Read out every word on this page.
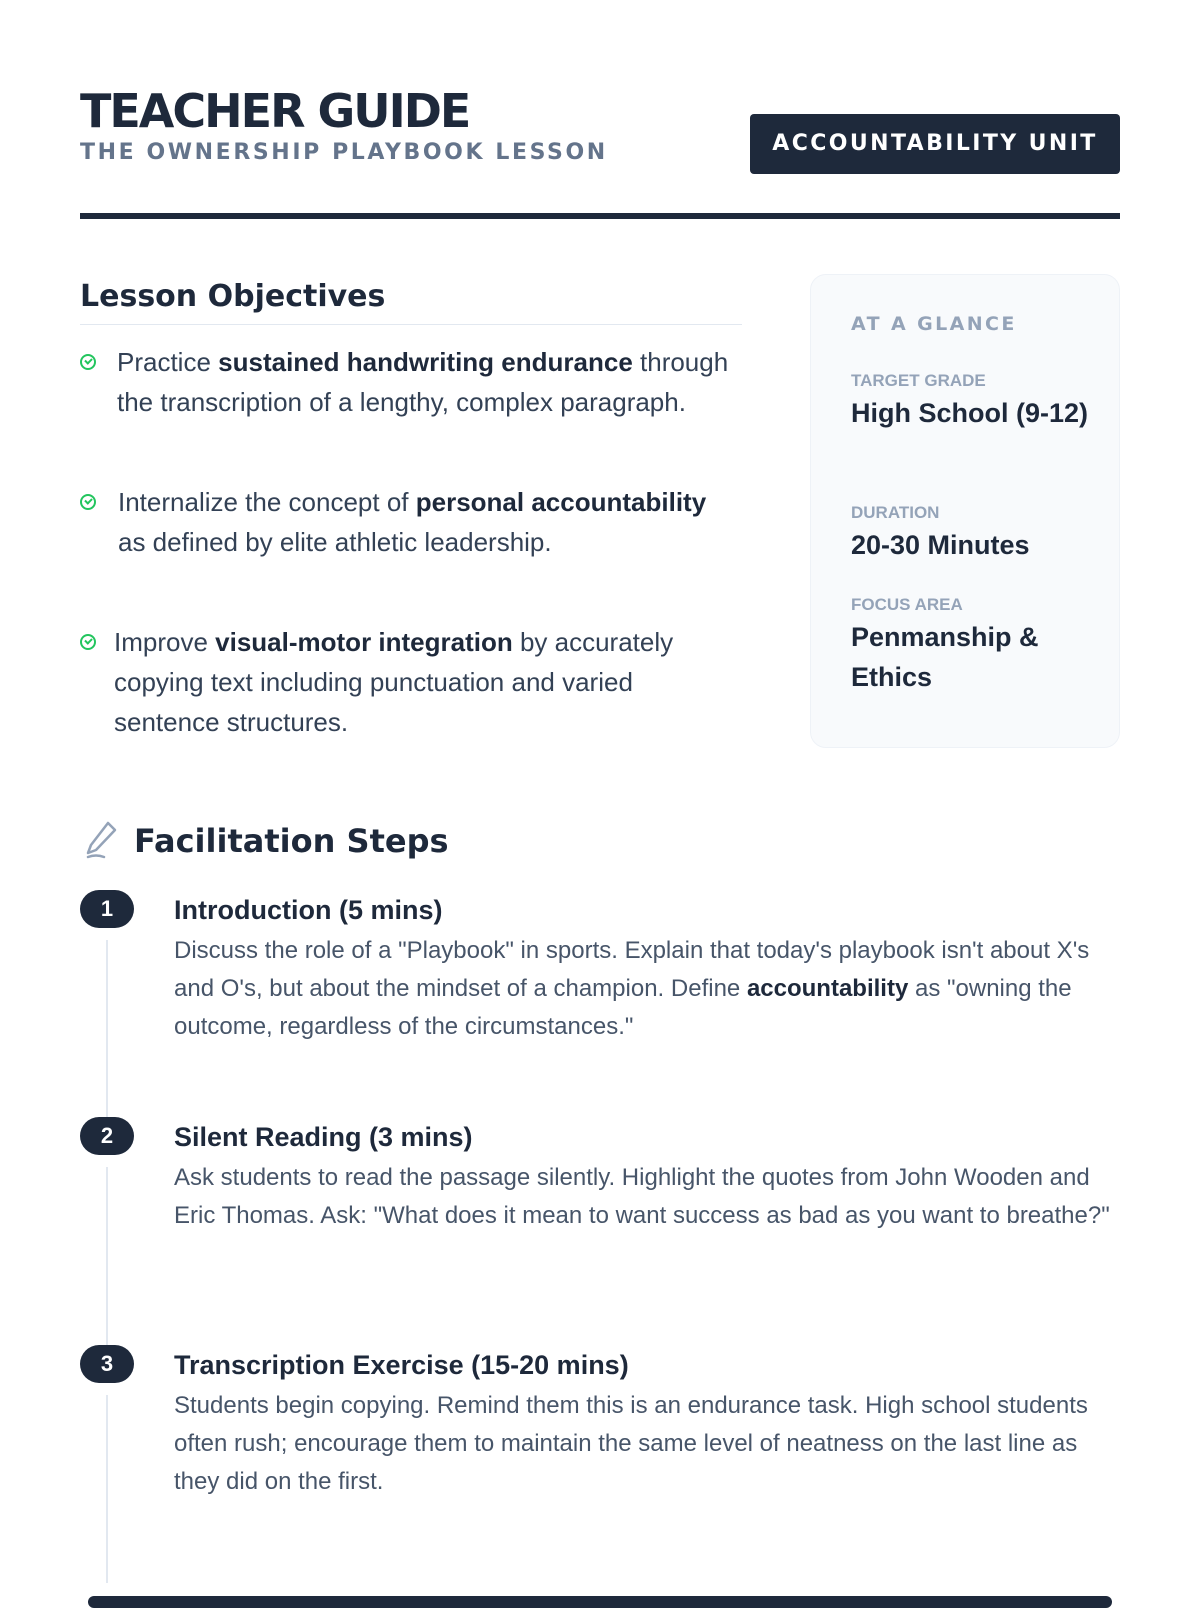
TEACHER GUIDE
THE OWNERSHIP PLAYBOOK LESSON	ACCOUNTABILITY UNIT
Lesson Objectives
Practice sustained handwriting endurance through the transcription of a lengthy, complex paragraph.
Internalize the concept of personal accountability as defined by elite athletic leadership.
Improve visual-motor integration by accurately copying text including punctuation and varied sentence structures.
AT A GLANCE
TARGET GRADE
High School (9-12)
DURATION
20-30 Minutes
FOCUS AREA
Penmanship & Ethics
Facilitation Steps
1	Introduction (5 mins)
Discuss the role of a "Playbook" in sports. Explain that today's playbook isn't about X's and O's, but about the mindset of a champion. Define accountability as "owning the outcome, regardless of the circumstances."
2	Silent Reading (3 mins)
Ask students to read the passage silently. Highlight the quotes from John Wooden and Eric Thomas. Ask: "What does it mean to want success as bad as you want to breathe?"
3	Transcription Exercise (15-20 mins)
Students begin copying. Remind them this is an endurance task. High school students often rush; encourage them to maintain the same level of neatness on the last line as they did on the first.
